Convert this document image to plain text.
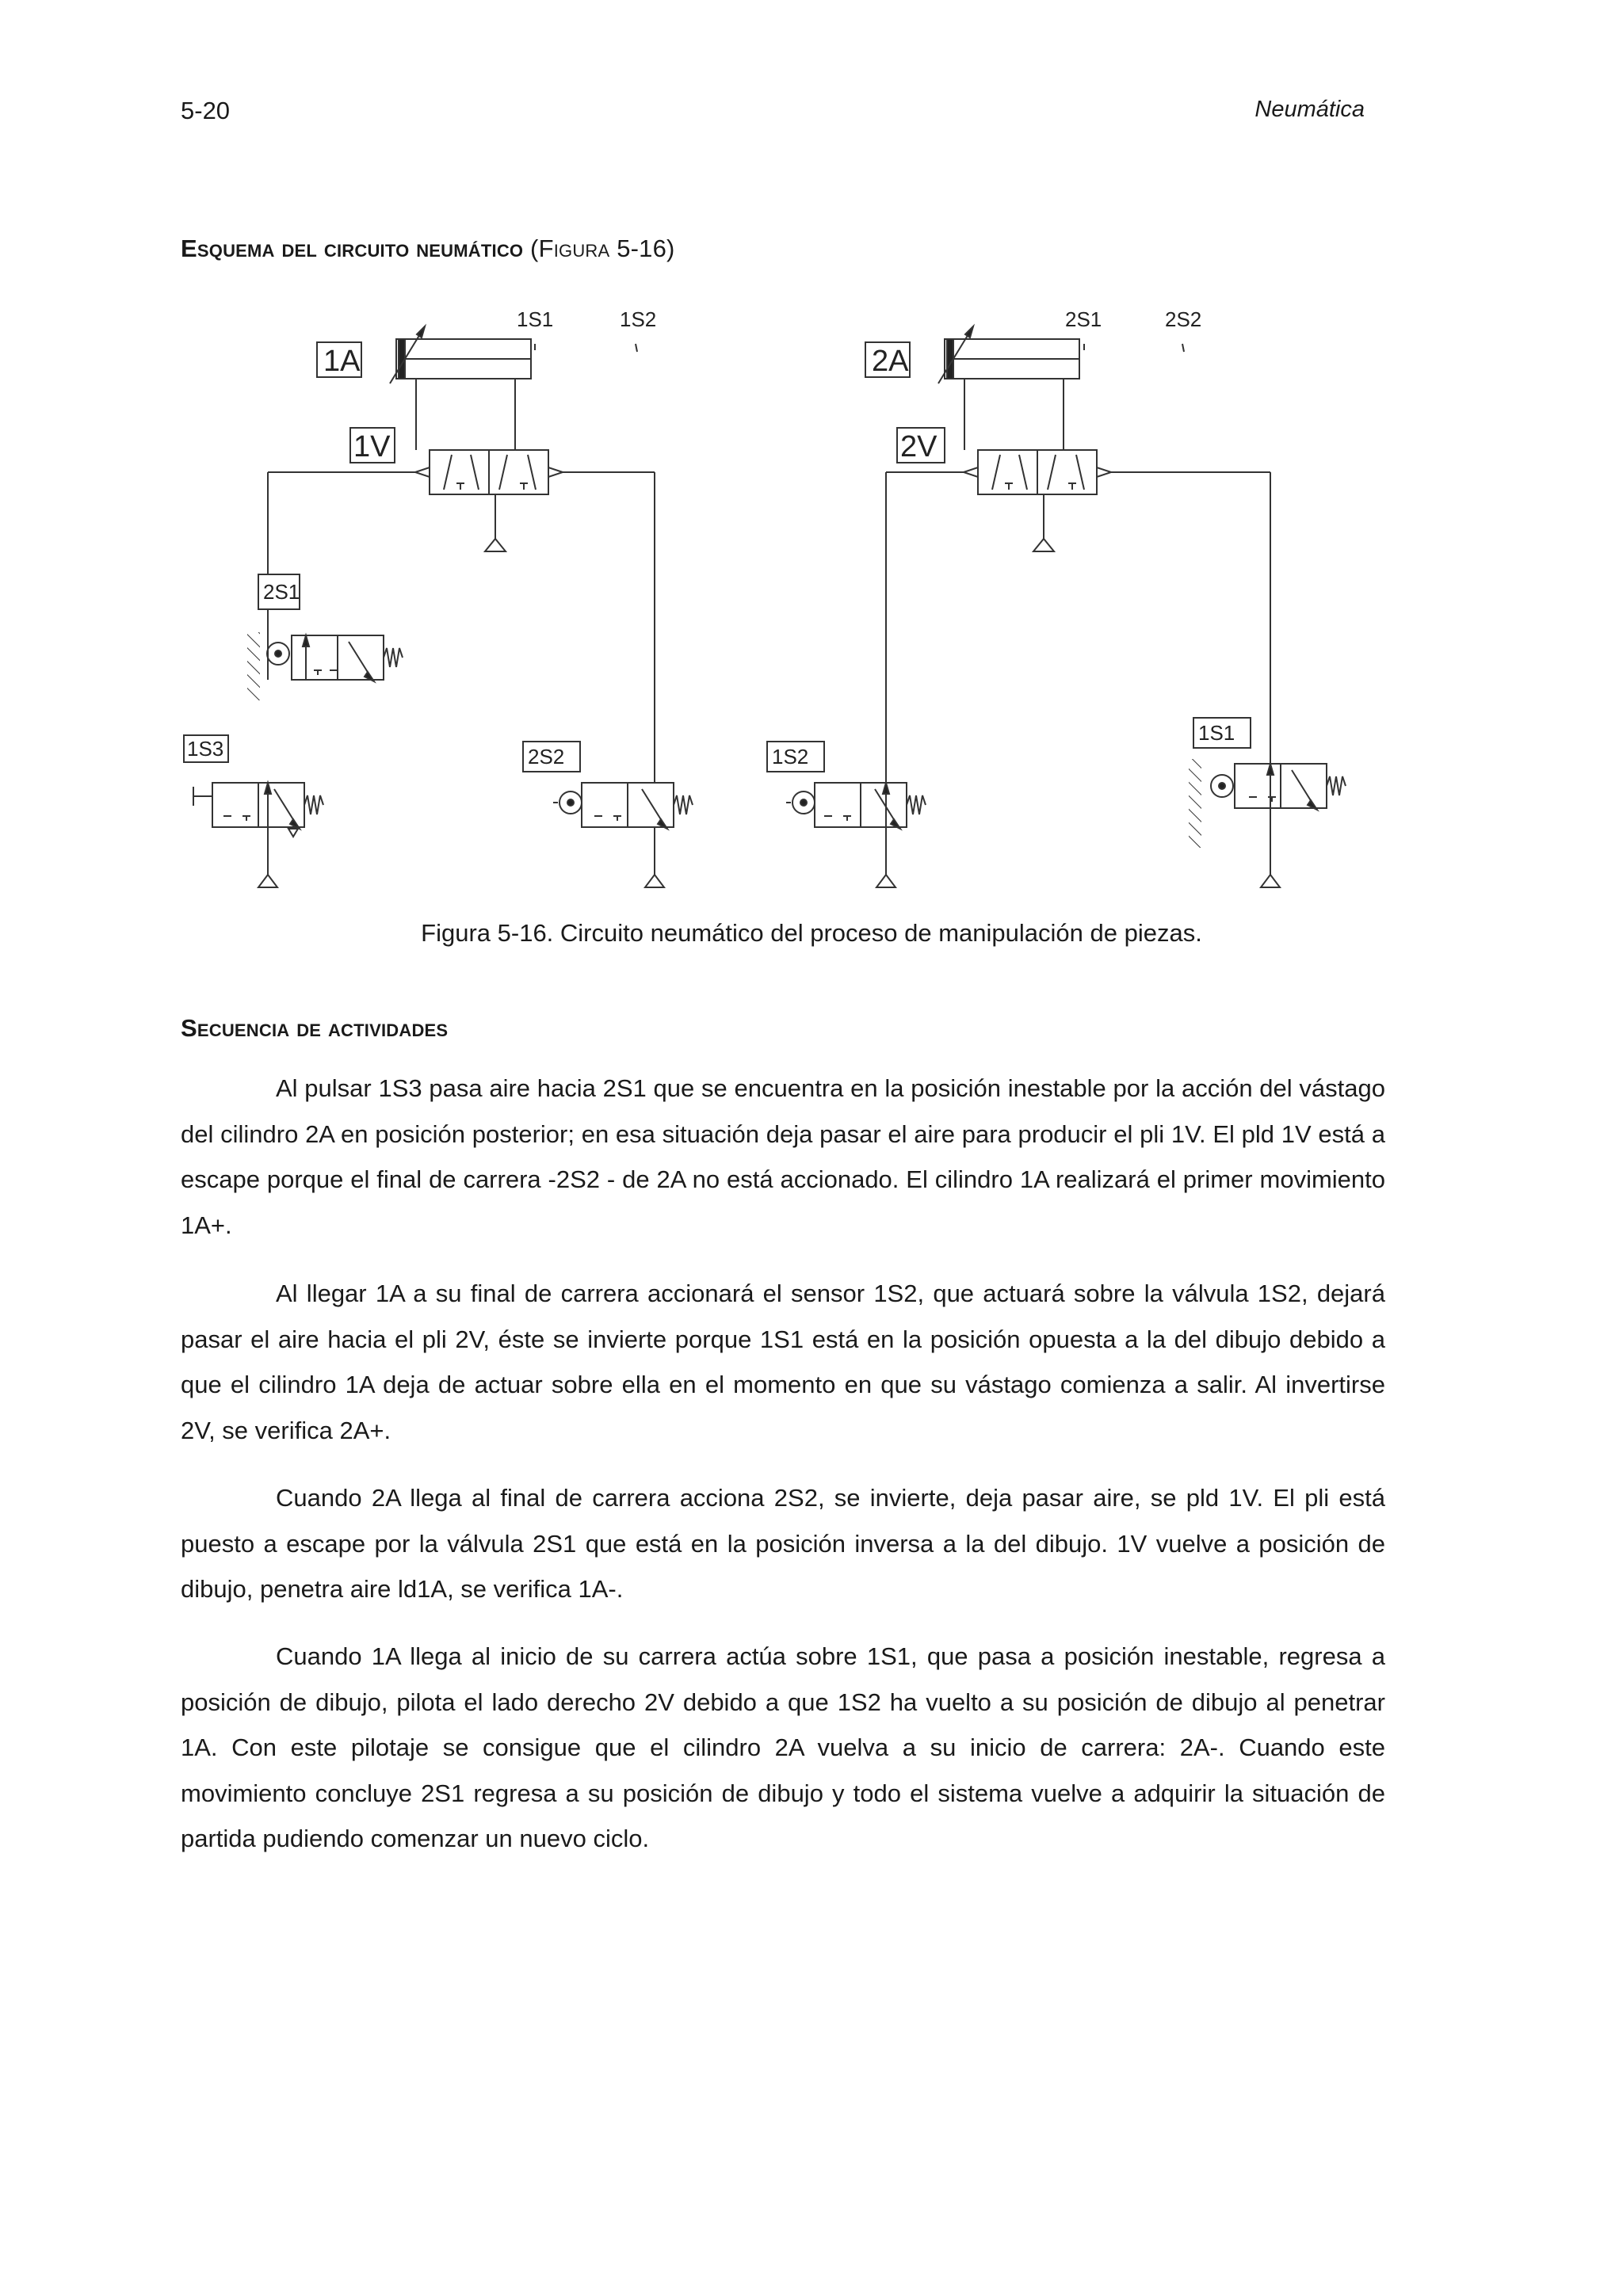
5-20	Neumática
Esquema del circuito neumático (Figura 5-16)
1A
1V
1S1	1S2
2A
2V
2S1	2S2
2S1
1S3	2S2	1S2
1S1
Figura 5-16. Circuito neumático del proceso de manipulación de piezas.
Secuencia de actividades

Al pulsar 1S3 pasa aire hacia 2S1 que se encuentra en la posición inestable por la acción del vástago del cilindro 2A en posición posterior; en esa situación deja pasar el aire para producir el pli 1V. El pld 1V está a escape porque el final de carrera -2S2 - de 2A no está accionado. El cilindro 1A realizará el primer movimiento 1A+.

Al llegar 1A a su final de carrera accionará el sensor 1S2, que actuará sobre la válvula 1S2, dejará pasar el aire hacia el pli 2V, éste se invierte porque 1S1 está en la posición opuesta a la del dibujo debido a que el cilindro 1A deja de actuar sobre ella en el momento en que su vástago comienza a salir. Al invertirse 2V, se verifica 2A+.

Cuando 2A llega al final de carrera acciona 2S2, se invierte, deja pasar aire, se pld 1V. El pli está puesto a escape por la válvula 2S1 que está en la posición inversa a la del dibujo. 1V vuelve a posición de dibujo, penetra aire ld1A, se verifica 1A-.

Cuando 1A llega al inicio de su carrera actúa sobre 1S1, que pasa a posición inestable, regresa a posición de dibujo, pilota el lado derecho 2V debido a que 1S2 ha vuelto a su posición de dibujo al penetrar 1A. Con este pilotaje se consigue que el cilindro 2A vuelva a su inicio de carrera: 2A-. Cuando este movimiento concluye 2S1 regresa a su posición de dibujo y todo el sistema vuelve a adquirir la situación de partida pudiendo comenzar un nuevo ciclo.
